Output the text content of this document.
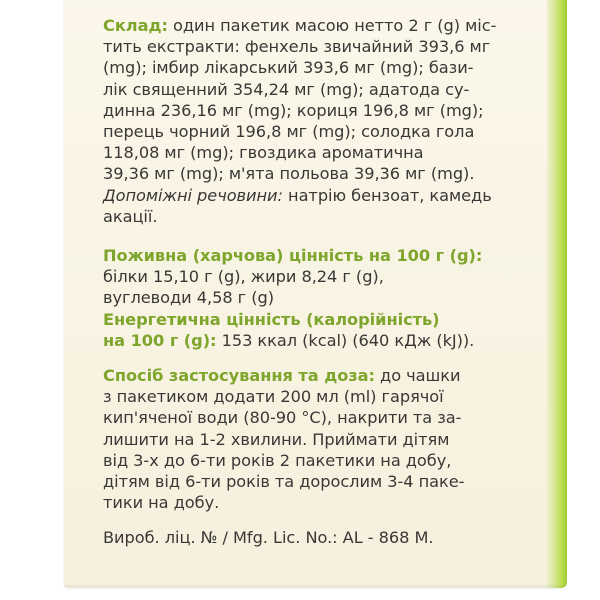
Склад: один пакетик масою нетто 2 г (g) міс-
тить екстракти: фенхель звичайний 393,6 мг
(mg); імбир лікарський 393,6 мг (mg); бази-
лік священний 354,24 мг (mg); адатода су-
динна 236,16 мг (mg); кориця 196,8 мг (mg);
перець чорний 196,8 мг (mg); солодка гола
118,08 мг (mg); гвоздика ароматична
39,36 мг (mg); м'ята польова 39,36 мг (mg).
Допоміжні речовини: натрію бензоат, камедь
акації.
Поживна (харчова) цінність на 100 г (g):
білки 15,10 г (g), жири 8,24 г (g),
вуглеводи 4,58 г (g)
Енергетична цінність (калорійність)
на 100 г (g): 153 ккал (kcal) (640 кДж (kJ)).
Спосіб застосування та доза: до чашки
з пакетиком додати 200 мл (ml) гарячої
кип'яченої води (80-90 °С), накрити та за-
лишити на 1-2 хвилини. Приймати дітям
від 3-х до 6-ти років 2 пакетики на добу,
дітям від 6-ти років та дорослим 3-4 пакe-
тики на добу.
Вироб. ліц. № / Mfg. Lic. No.: AL - 868 M.
